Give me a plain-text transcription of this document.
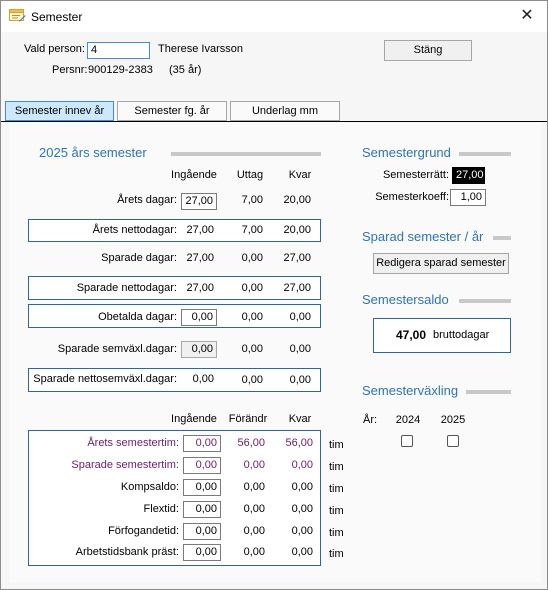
Semester	✕
Vald person: 4	Therese Ivarsson
Persnr: 900129-2383 (35 år)
Stäng
Semester innev år	Semester fg. år	Underlag mm
2025 års semester
Ingående	Uttag	Kvar
Årets dagar: 27,00	7,00	20,00
Årets nettodagar: 27,00	7,00	20,00
Sparade dagar: 27,00	0,00	27,00
Sparade nettodagar: 27,00	0,00	27,00
Obetalda dagar:	0,00	0,00	0,00
Sparade semväxl.dagar:	0,00	0,00	0,00
Sparade nettosemväxl.dagar:	0,00	0,00	0,00
Ingående	Förändr	Kvar
Årets semestertim:	0,00	56,00	56,00 tim
Sparade semestertim:	0,00	0,00	0,00 tim
Kompsaldo:	0,00	0,00	0,00 tim
Flextid:	0,00	0,00	0,00 tim
Förfogandetid:	0,00	0,00	0,00 tim
Arbetstidsbank präst:	0,00	0,00	0,00 tim
Semestergrund
Semesterrätt: 27,00
Semesterkoeff:	1,00
Sparad semester / år
Redigera sparad semester
Semestersaldo
47,00 bruttodagar
Semesterväxling
År:	2024	2025
